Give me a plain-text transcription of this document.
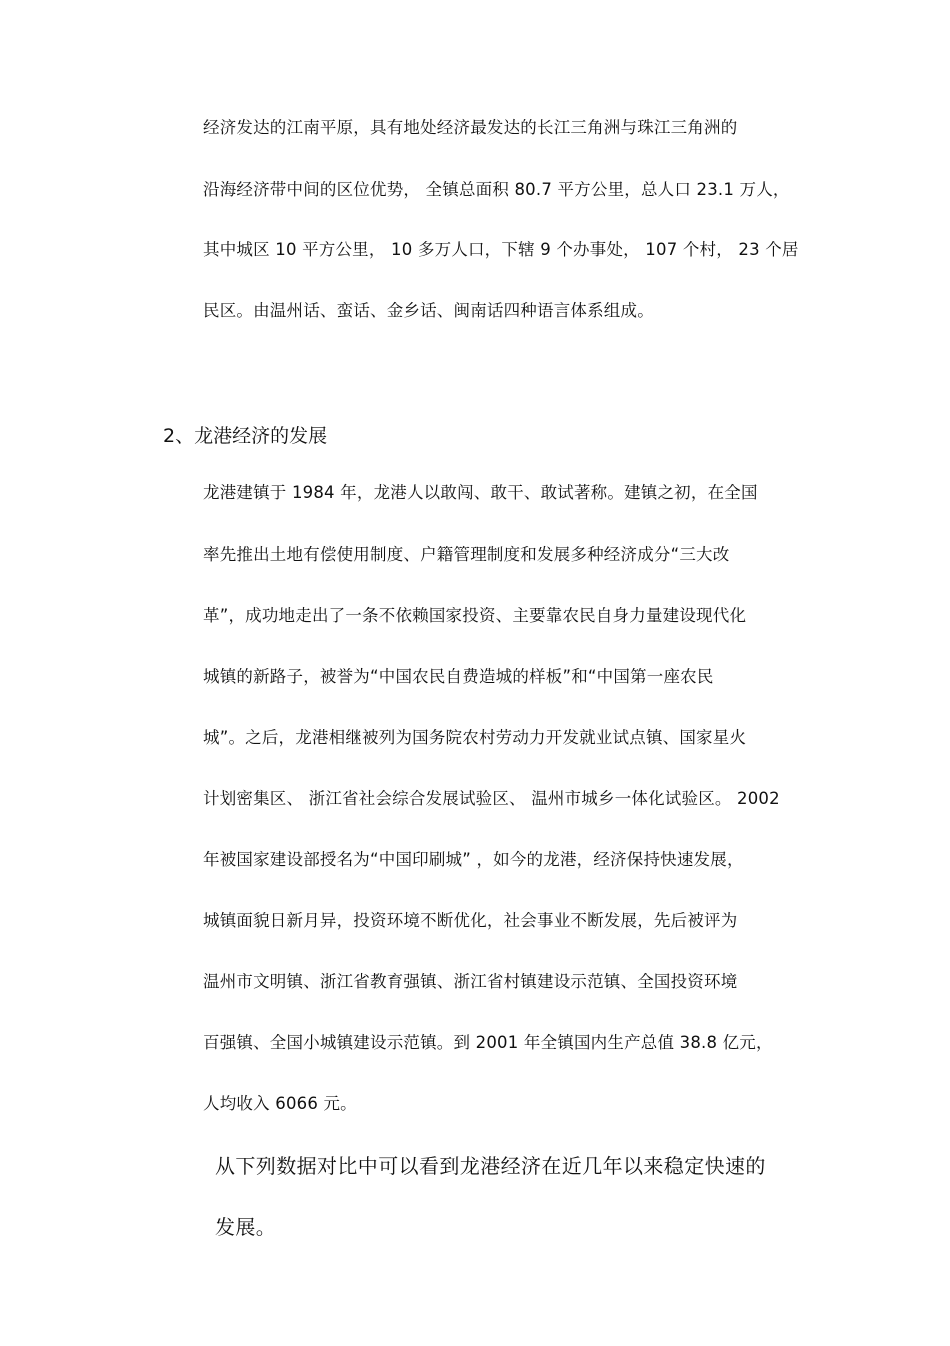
经济发达的江南平原，具有地处经济最发达的长江三角洲与珠江三角洲的
沿海经济带中间的区位优势， 全镇总面积 80.7 平方公里，总人口 23.1 万人，
其中城区 10 平方公里， 10 多万人口，下辖 9 个办事处， 107 个村， 23 个居
民区。由温州话、蛮话、金乡话、闽南话四种语言体系组成。
2、龙港经济的发展
龙港建镇于 1984 年，龙港人以敢闯、敢干、敢试著称。建镇之初，在全国
率先推出土地有偿使用制度、户籍管理制度和发展多种经济成分“三大改
革”，成功地走出了一条不依赖国家投资、主要靠农民自身力量建设现代化
城镇的新路子，被誉为“中国农民自费造城的样板”和“中国第一座农民
城”。之后，龙港相继被列为国务院农村劳动力开发就业试点镇、国家星火
计划密集区、 浙江省社会综合发展试验区、 温州市城乡一体化试验区。 2002
年被国家建设部授名为“中国印刷城” ，如今的龙港，经济保持快速发展，
城镇面貌日新月异，投资环境不断优化，社会事业不断发展，先后被评为
温州市文明镇、浙江省教育强镇、浙江省村镇建设示范镇、全国投资环境
百强镇、全国小城镇建设示范镇。到 2001 年全镇国内生产总值 38.8 亿元，
人均收入 6066 元。
从下列数据对比中可以看到龙港经济在近几年以来稳定快速的
发展。
